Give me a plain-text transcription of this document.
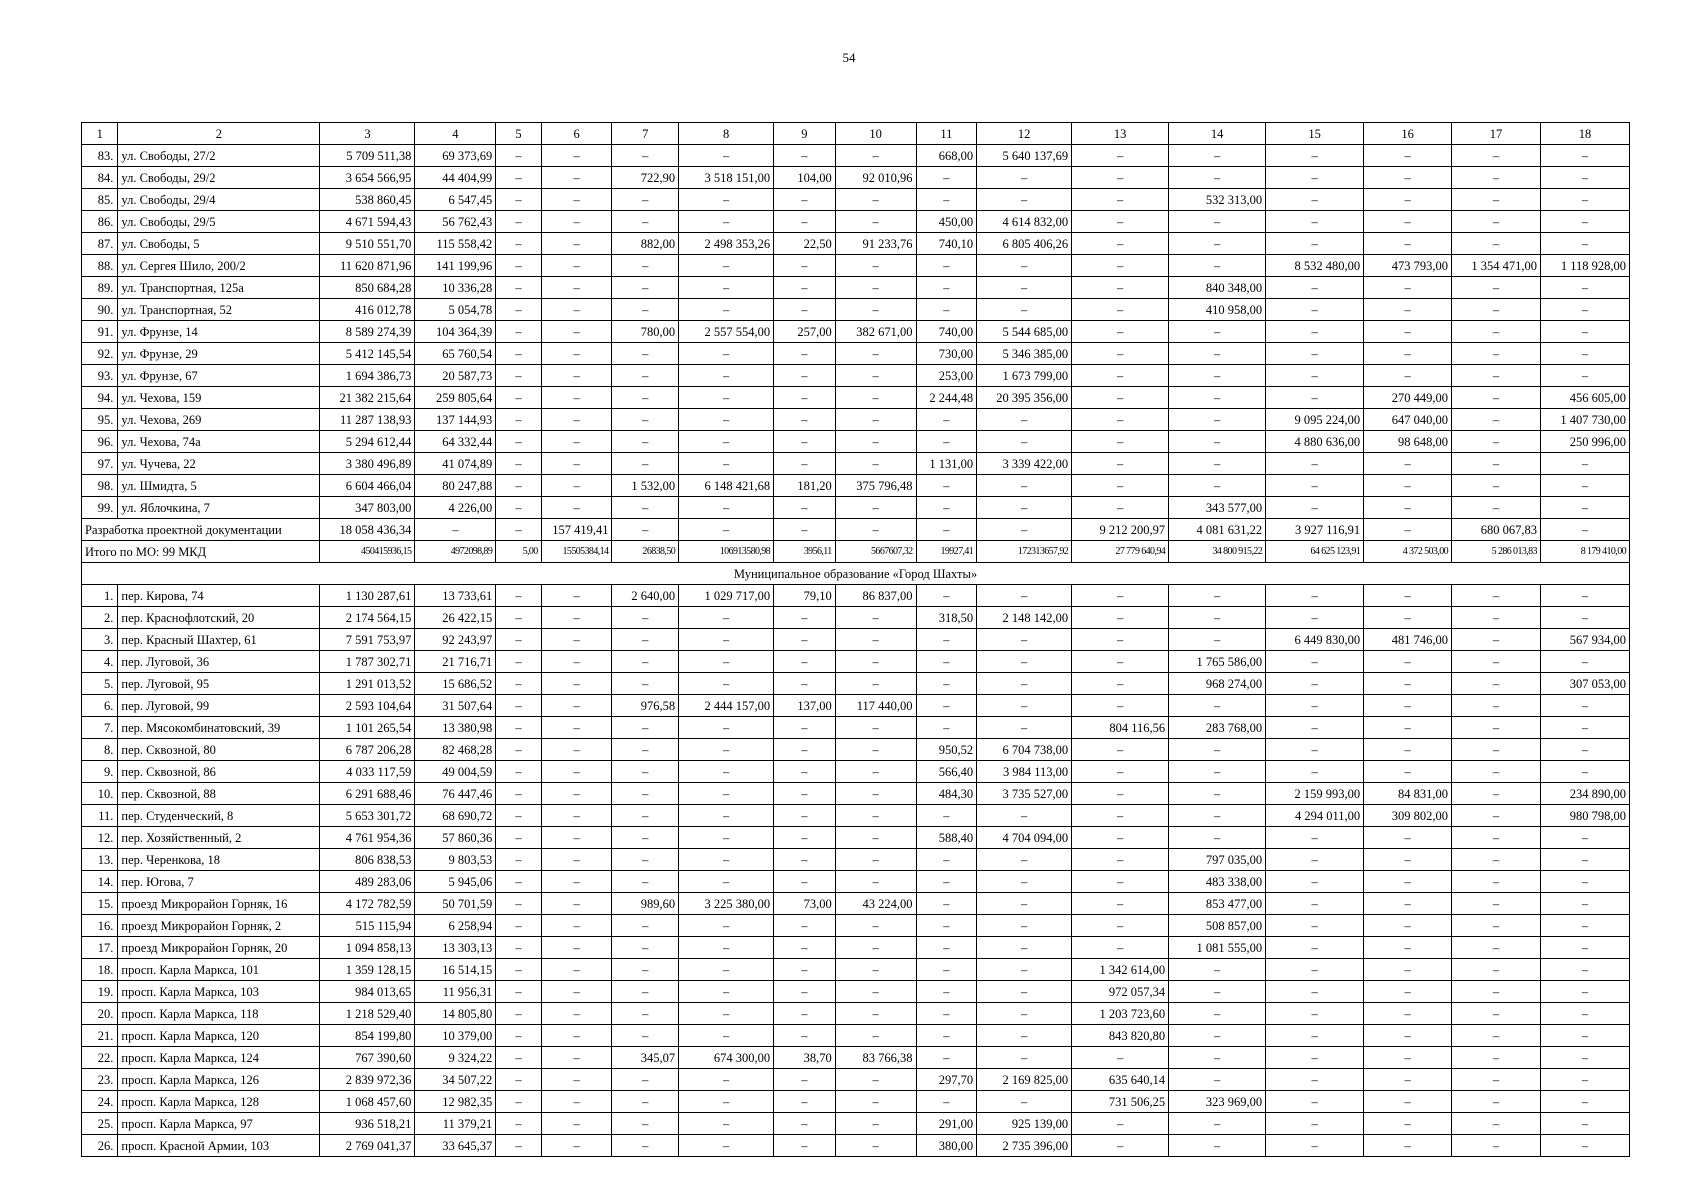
54
1	2	3	4	5	6	7	8	9	10	11	12	13	14	15	16	17	18
83.	ул. Свободы, 27/2	5 709 511,38	69 373,69	–	–	–	–	–	–	668,00	5 640 137,69	–	–	–	–	–	–
84.	ул. Свободы, 29/2	3 654 566,95	44 404,99	–	–	722,90	3 518 151,00	104,00	92 010,96	–	–	–	–	–	–	–	–
85.	ул. Свободы, 29/4	538 860,45	6 547,45	–	–	–	–	–	–	–	–	–	532 313,00	–	–	–	–
86.	ул. Свободы, 29/5	4 671 594,43	56 762,43	–	–	–	–	–	–	450,00	4 614 832,00	–	–	–	–	–	–
87.	ул. Свободы, 5	9 510 551,70	115 558,42	–	–	882,00	2 498 353,26	22,50	91 233,76	740,10	6 805 406,26	–	–	–	–	–	–
88.	ул. Сергея Шило, 200/2	11 620 871,96	141 199,96	–	–	–	–	–	–	–	–	–	–	8 532 480,00	473 793,00	1 354 471,00	1 118 928,00
89.	ул. Транспортная, 125а	850 684,28	10 336,28	–	–	–	–	–	–	–	–	–	840 348,00	–	–	–	–
90.	ул. Транспортная, 52	416 012,78	5 054,78	–	–	–	–	–	–	–	–	–	410 958,00	–	–	–	–
91.	ул. Фрунзе, 14	8 589 274,39	104 364,39	–	–	780,00	2 557 554,00	257,00	382 671,00	740,00	5 544 685,00	–	–	–	–	–	–
92.	ул. Фрунзе, 29	5 412 145,54	65 760,54	–	–	–	–	–	–	730,00	5 346 385,00	–	–	–	–	–	–
93.	ул. Фрунзе, 67	1 694 386,73	20 587,73	–	–	–	–	–	–	253,00	1 673 799,00	–	–	–	–	–	–
94.	ул. Чехова, 159	21 382 215,64	259 805,64	–	–	–	–	–	–	2 244,48	20 395 356,00	–	–	–	270 449,00	–	456 605,00
95.	ул. Чехова, 269	11 287 138,93	137 144,93	–	–	–	–	–	–	–	–	–	–	9 095 224,00	647 040,00	–	1 407 730,00
96.	ул. Чехова, 74а	5 294 612,44	64 332,44	–	–	–	–	–	–	–	–	–	–	4 880 636,00	98 648,00	–	250 996,00
97.	ул. Чучева, 22	3 380 496,89	41 074,89	–	–	–	–	–	–	1 131,00	3 339 422,00	–	–	–	–	–	–
98.	ул. Шмидта, 5	6 604 466,04	80 247,88	–	–	1 532,00	6 148 421,68	181,20	375 796,48	–	–	–	–	–	–	–	–
99.	ул. Яблочкина, 7	347 803,00	4 226,00	–	–	–	–	–	–	–	–	–	343 577,00	–	–	–	–
Разработка проектной документации		18 058 436,34	–	–	157 419,41	–	–	–	–	–	–	9 212 200,97	4 081 631,22	3 927 116,91	–	680 067,83	–
Итого по МО: 99 МКД		450415936,15	4972098,89	5,00	15505384,14	26838,50	106913580,98	3956,11	5667607,32	19927,41	172313657,92	27 779 640,94	34 800 915,22	64 625 123,91	4 372 503,00	5 286 013,83	8 179 410,00
Муниципальное образование «Город Шахты»																	
1.	пер. Кирова, 74	1 130 287,61	13 733,61	–	–	2 640,00	1 029 717,00	79,10	86 837,00	–	–	–	–	–	–	–	–
2.	пер. Краснофлотский, 20	2 174 564,15	26 422,15	–	–	–	–	–	–	318,50	2 148 142,00	–	–	–	–	–	–
3.	пер. Красный Шахтер, 61	7 591 753,97	92 243,97	–	–	–	–	–	–	–	–	–	–	6 449 830,00	481 746,00	–	567 934,00
4.	пер. Луговой, 36	1 787 302,71	21 716,71	–	–	–	–	–	–	–	–	–	1 765 586,00	–	–	–	–
5.	пер. Луговой, 95	1 291 013,52	15 686,52	–	–	–	–	–	–	–	–	–	968 274,00	–	–	–	307 053,00
6.	пер. Луговой, 99	2 593 104,64	31 507,64	–	–	976,58	2 444 157,00	137,00	117 440,00	–	–	–	–	–	–	–	–
7.	пер. Мясокомбинатовский, 39	1 101 265,54	13 380,98	–	–	–	–	–	–	–	–	804 116,56	283 768,00	–	–	–	–
8.	пер. Сквозной, 80	6 787 206,28	82 468,28	–	–	–	–	–	–	950,52	6 704 738,00	–	–	–	–	–	–
9.	пер. Сквозной, 86	4 033 117,59	49 004,59	–	–	–	–	–	–	566,40	3 984 113,00	–	–	–	–	–	–
10.	пер. Сквозной, 88	6 291 688,46	76 447,46	–	–	–	–	–	–	484,30	3 735 527,00	–	–	2 159 993,00	84 831,00	–	234 890,00
11.	пер. Студенческий, 8	5 653 301,72	68 690,72	–	–	–	–	–	–	–	–	–	–	4 294 011,00	309 802,00	–	980 798,00
12.	пер. Хозяйственный, 2	4 761 954,36	57 860,36	–	–	–	–	–	–	588,40	4 704 094,00	–	–	–	–	–	–
13.	пер. Черенкова, 18	806 838,53	9 803,53	–	–	–	–	–	–	–	–	–	797 035,00	–	–	–	–
14.	пер. Югова, 7	489 283,06	5 945,06	–	–	–	–	–	–	–	–	–	483 338,00	–	–	–	–
15.	проезд Микрорайон Горняк, 16	4 172 782,59	50 701,59	–	–	989,60	3 225 380,00	73,00	43 224,00	–	–	–	853 477,00	–	–	–	–
16.	проезд Микрорайон Горняк, 2	515 115,94	6 258,94	–	–	–	–	–	–	–	–	–	508 857,00	–	–	–	–
17.	проезд Микрорайон Горняк, 20	1 094 858,13	13 303,13	–	–	–	–	–	–	–	–	–	1 081 555,00	–	–	–	–
18.	просп. Карла Маркса, 101	1 359 128,15	16 514,15	–	–	–	–	–	–	–	–	1 342 614,00	–	–	–	–	–
19.	просп. Карла Маркса, 103	984 013,65	11 956,31	–	–	–	–	–	–	–	–	972 057,34	–	–	–	–	–
20.	просп. Карла Маркса, 118	1 218 529,40	14 805,80	–	–	–	–	–	–	–	–	1 203 723,60	–	–	–	–	–
21.	просп. Карла Маркса, 120	854 199,80	10 379,00	–	–	–	–	–	–	–	–	843 820,80	–	–	–	–	–
22.	просп. Карла Маркса, 124	767 390,60	9 324,22	–	–	345,07	674 300,00	38,70	83 766,38	–	–	–	–	–	–	–	–
23.	просп. Карла Маркса, 126	2 839 972,36	34 507,22	–	–	–	–	–	–	297,70	2 169 825,00	635 640,14	–	–	–	–	–
24.	просп. Карла Маркса, 128	1 068 457,60	12 982,35	–	–	–	–	–	–	–	–	731 506,25	323 969,00	–	–	–	–
25.	просп. Карла Маркса, 97	936 518,21	11 379,21	–	–	–	–	–	–	291,00	925 139,00	–	–	–	–	–	–
26.	просп. Красной Армии, 103	2 769 041,37	33 645,37	–	–	–	–	–	–	380,00	2 735 396,00	–	–	–	–	–	–
